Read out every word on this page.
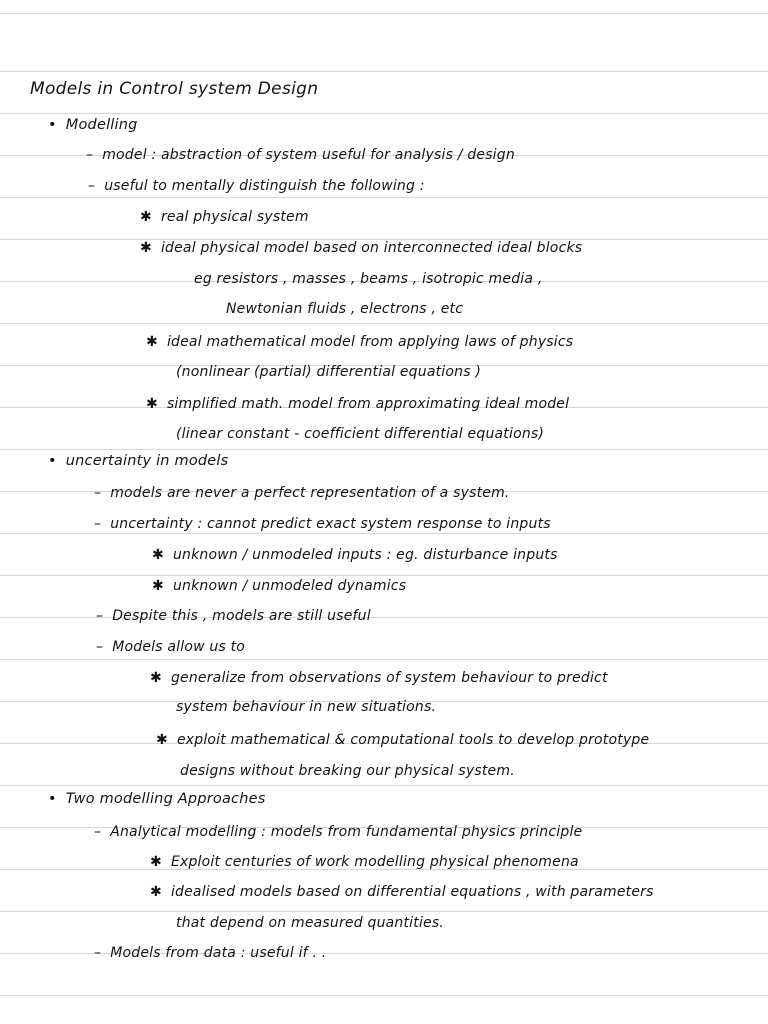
Models in Control system Design
• Modelling
– model : abstraction of system useful for analysis / design
– useful to mentally distinguish the following :
✱ real physical system
✱ ideal physical model based on interconnected ideal blocks
eg resistors , masses , beams , isotropic media ,
Newtonian fluids , electrons , etc
✱ ideal mathematical model from applying laws of physics
(nonlinear (partial) differential equations )
✱ simplified math. model from approximating ideal model
(linear constant - coefficient differential equations)
• uncertainty in models
– models are never a perfect representation of a system.
– uncertainty : cannot predict exact system response to inputs
✱ unknown / unmodeled inputs : eg. disturbance inputs
✱ unknown / unmodeled dynamics
– Despite this , models are still useful
– Models allow us to
✱ generalize from observations of system behaviour to predict
system behaviour in new situations.
✱ exploit mathematical & computational tools to develop prototype
designs without breaking our physical system.
• Two modelling Approaches
– Analytical modelling : models from fundamental physics principle
✱ Exploit centuries of work modelling physical phenomena
✱ idealised models based on differential equations , with parameters
that depend on measured quantities.
– Models from data : useful if . .
